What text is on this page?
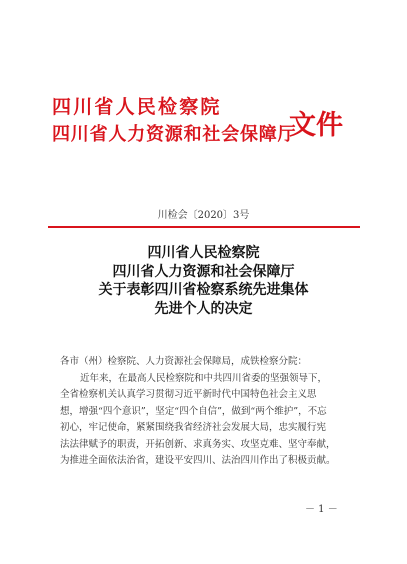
四川省人民检察院
四川省人力资源和社会保障厅
文件
川检会〔2020〕3号
四川省人民检察院
四川省人力资源和社会保障厅
关于表彰四川省检察系统先进集体
先进个人的决定
各市（州）检察院、人力资源社会保障局，成铁检察分院：
近年来，在最高人民检察院和中共四川省委的坚强领导下，
全省检察机关认真学习贯彻习近平新时代中国特色社会主义思
想，增强“四个意识”，坚定“四个自信”，做到“两个维护”，不忘
初心，牢记使命，紧紧围绕我省经济社会发展大局，忠实履行宪
法法律赋予的职责，开拓创新、求真务实、攻坚克难、坚守奉献，
为推进全面依法治省，建设平安四川、法治四川作出了积极贡献。
－ 1 －
